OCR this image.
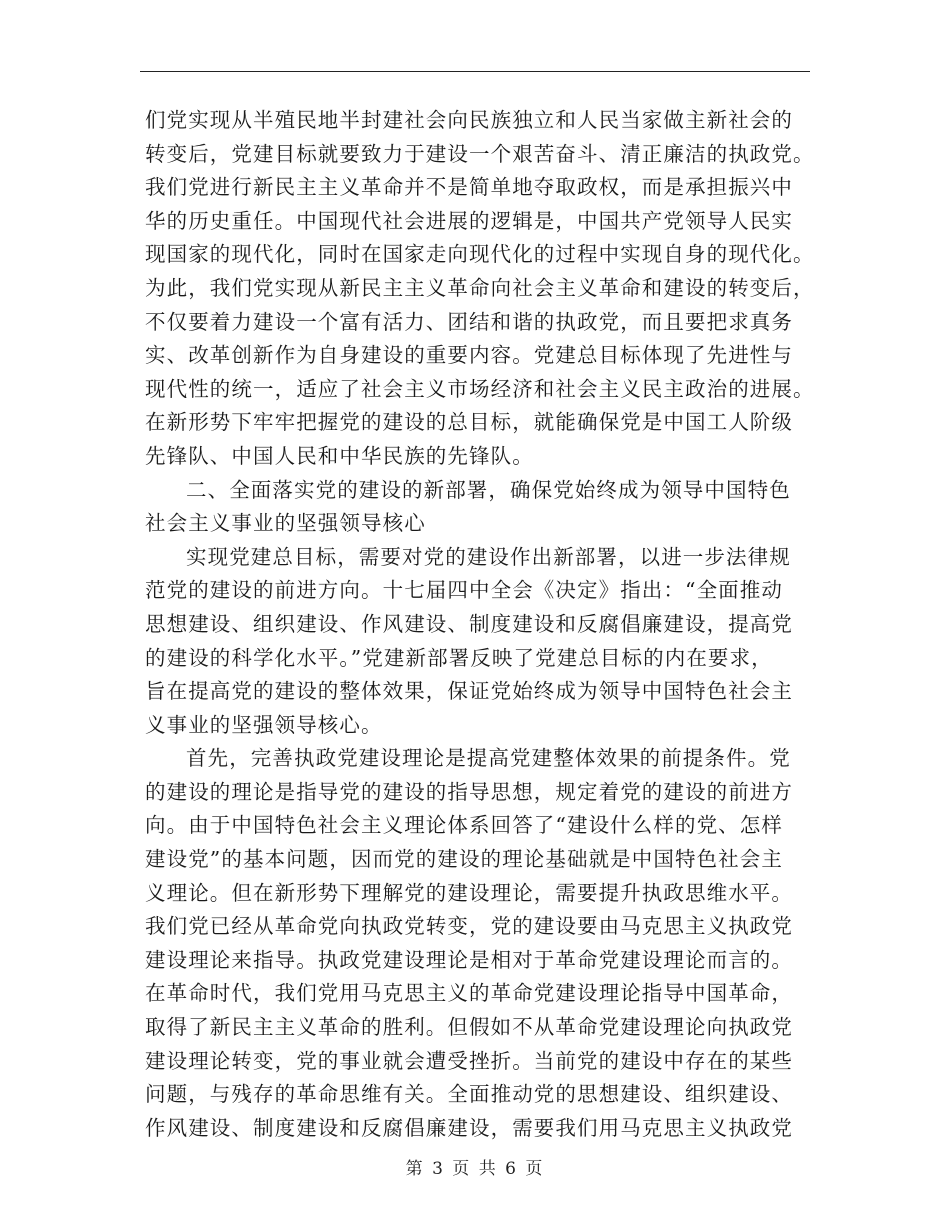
们党实现从半殖民地半封建社会向民族独立和人民当家做主新社会的
转变后，党建目标就要致力于建设一个艰苦奋斗、清正廉洁的执政党。
我们党进行新民主主义革命并不是简单地夺取政权，而是承担振兴中
华的历史重任。中国现代社会进展的逻辑是，中国共产党领导人民实
现国家的现代化，同时在国家走向现代化的过程中实现自身的现代化。
为此，我们党实现从新民主主义革命向社会主义革命和建设的转变后，
不仅要着力建设一个富有活力、团结和谐的执政党，而且要把求真务
实、改革创新作为自身建设的重要内容。党建总目标体现了先进性与
现代性的统一，适应了社会主义市场经济和社会主义民主政治的进展。
在新形势下牢牢把握党的建设的总目标，就能确保党是中国工人阶级
先锋队、中国人民和中华民族的先锋队。
二、全面落实党的建设的新部署，确保党始终成为领导中国特色
社会主义事业的坚强领导核心
实现党建总目标，需要对党的建设作出新部署，以进一步法律规
范党的建设的前进方向。十七届四中全会《决定》指出：“全面推动
思想建设、组织建设、作风建设、制度建设和反腐倡廉建设，提高党
的建设的科学化水平。”党建新部署反映了党建总目标的内在要求，
旨在提高党的建设的整体效果，保证党始终成为领导中国特色社会主
义事业的坚强领导核心。
首先，完善执政党建设理论是提高党建整体效果的前提条件。党
的建设的理论是指导党的建设的指导思想，规定着党的建设的前进方
向。由于中国特色社会主义理论体系回答了“建设什么样的党、怎样
建设党”的基本问题，因而党的建设的理论基础就是中国特色社会主
义理论。但在新形势下理解党的建设理论，需要提升执政思维水平。
我们党已经从革命党向执政党转变，党的建设要由马克思主义执政党
建设理论来指导。执政党建设理论是相对于革命党建设理论而言的。
在革命时代，我们党用马克思主义的革命党建设理论指导中国革命，
取得了新民主主义革命的胜利。但假如不从革命党建设理论向执政党
建设理论转变，党的事业就会遭受挫折。当前党的建设中存在的某些
问题，与残存的革命思维有关。全面推动党的思想建设、组织建设、
作风建设、制度建设和反腐倡廉建设，需要我们用马克思主义执政党
第 3 页 共 6 页
